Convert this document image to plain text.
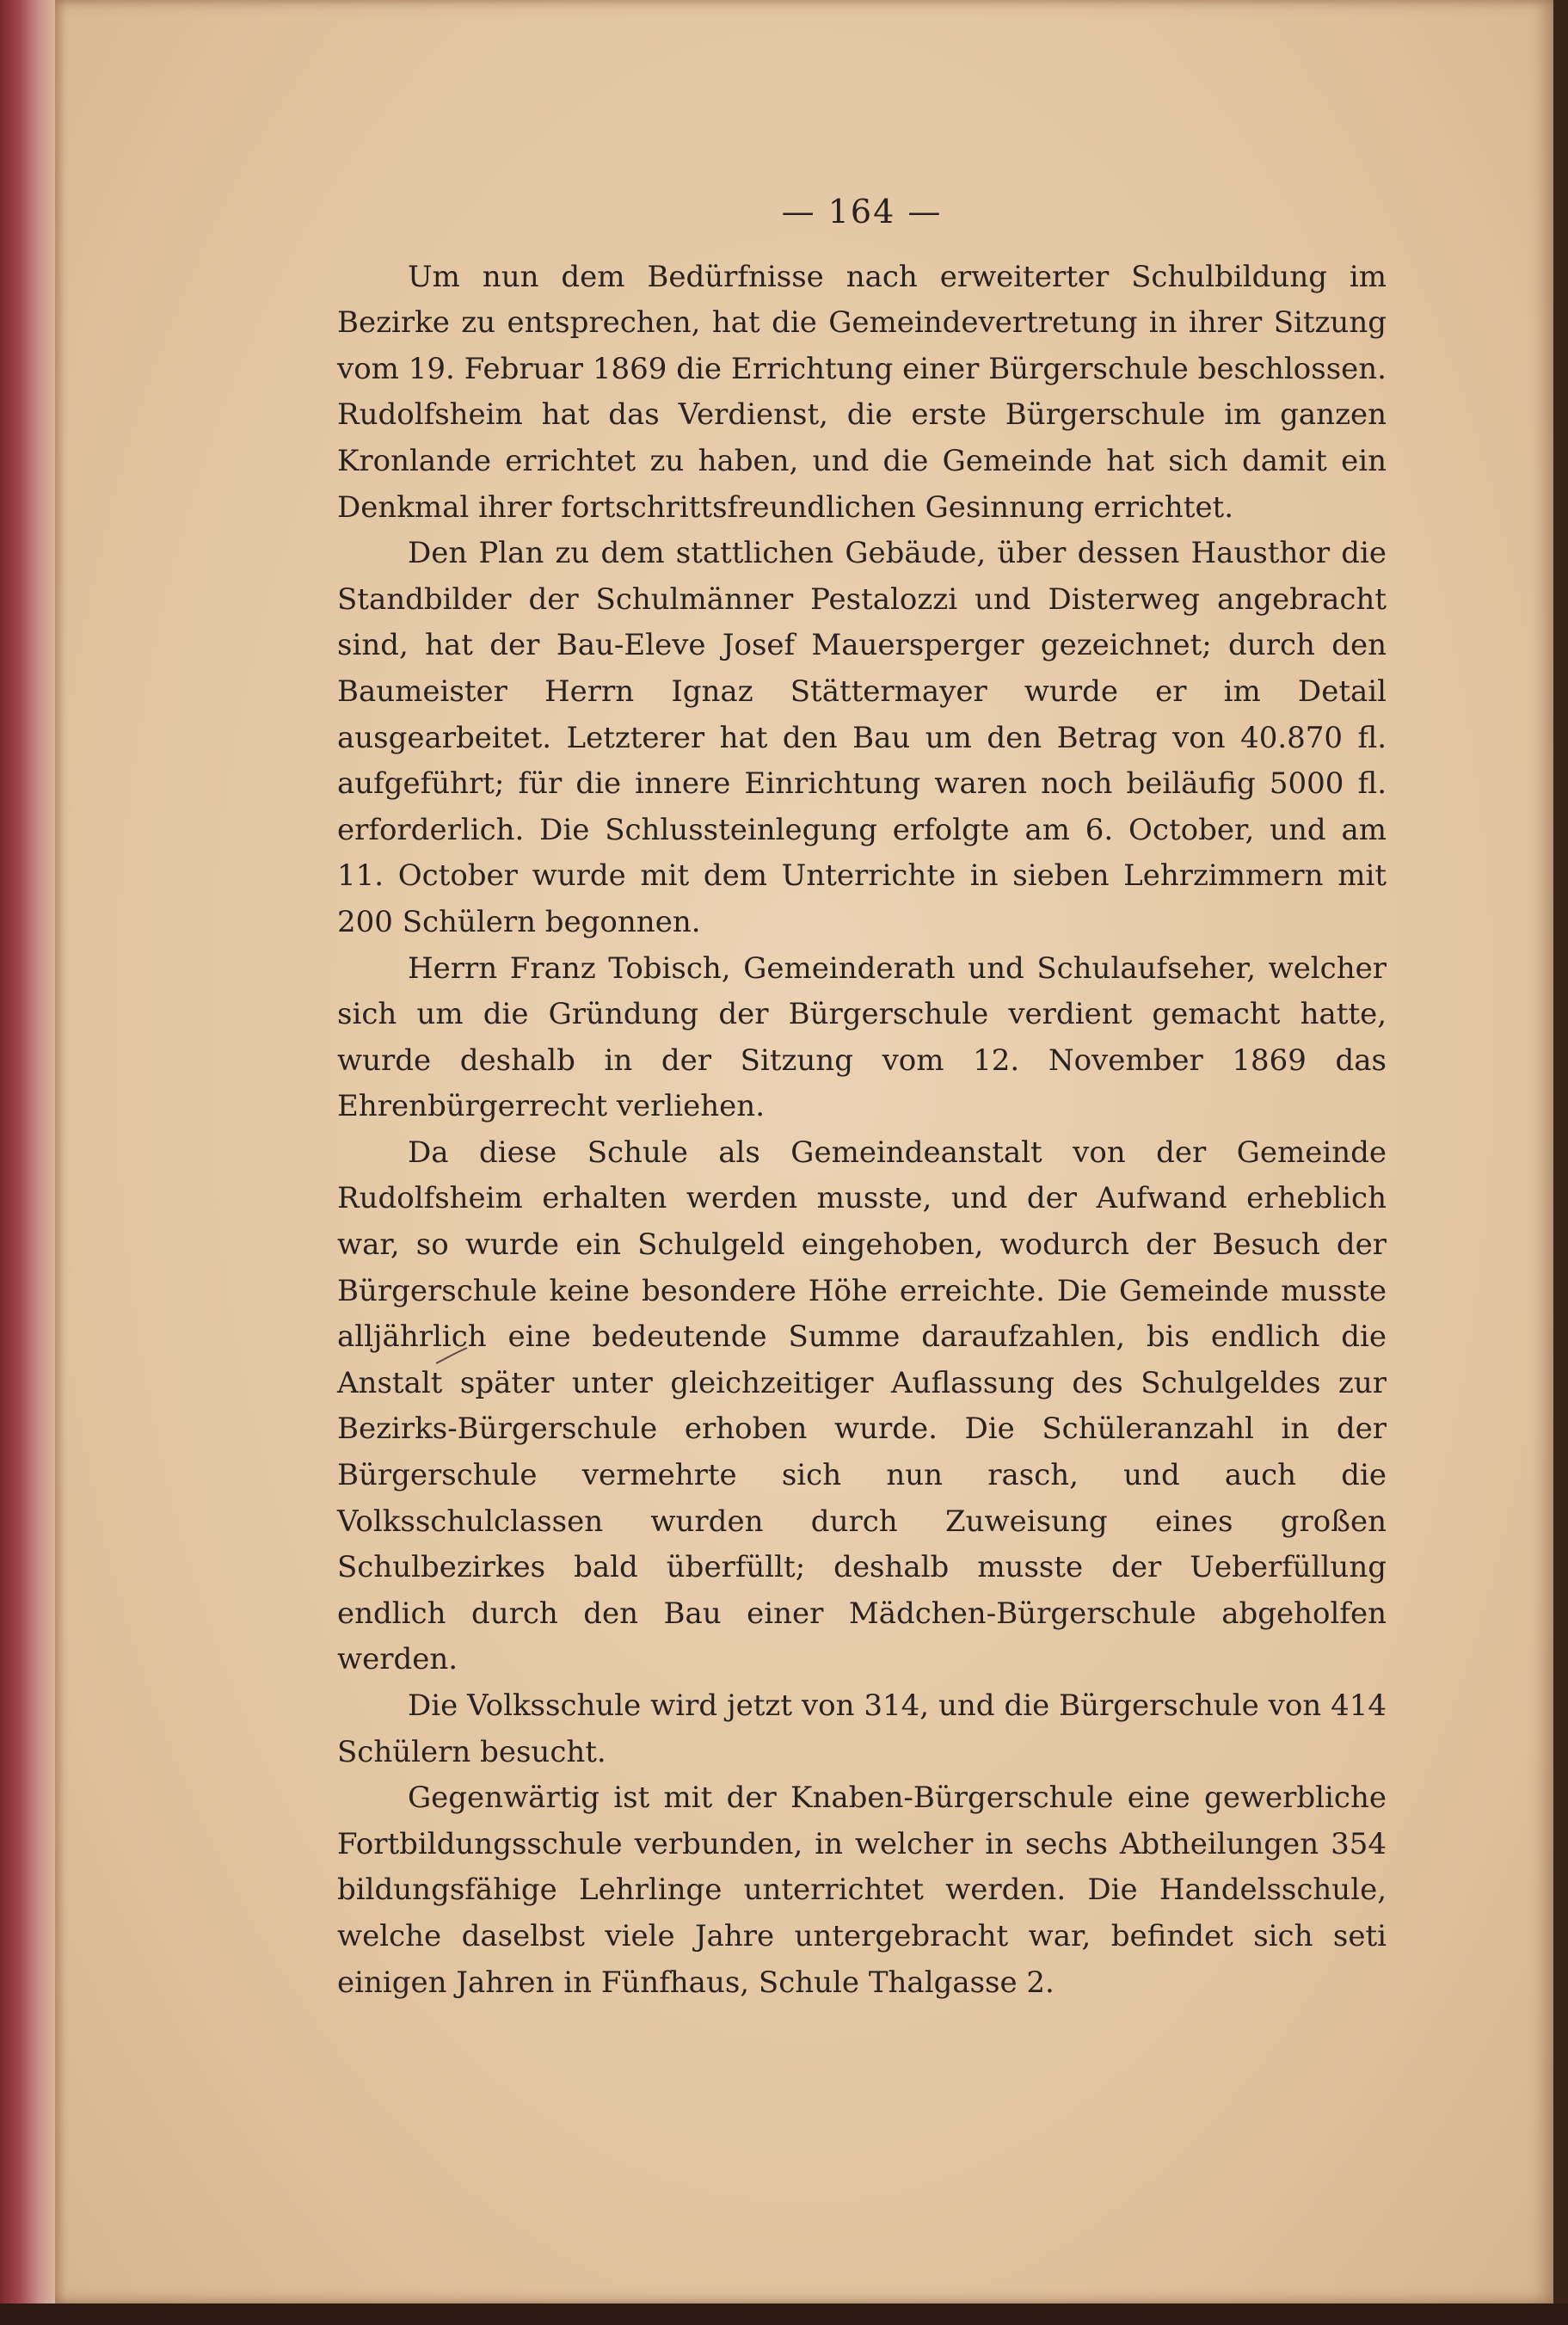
— 164 —

Um nun dem Bedürfnisse nach erweiterter Schulbildung im Bezirke zu entsprechen, hat die Gemeindevertretung in ihrer Sitzung vom 19. Februar 1869 die Errichtung einer Bürgerschule beschlossen. Rudolfsheim hat das Verdienst, die erste Bürgerschule im ganzen Kronlande errichtet zu haben, und die Gemeinde hat sich damit ein Denkmal ihrer fortschrittsfreundlichen Gesinnung errichtet.

Den Plan zu dem stattlichen Gebäude, über dessen Hausthor die Standbilder der Schulmänner Pestalozzi und Disterweg angebracht sind, hat der Bau-Eleve Josef Mauersperger gezeichnet; durch den Baumeister Herrn Ignaz Stättermayer wurde er im Detail ausgearbeitet. Letzterer hat den Bau um den Betrag von 40.870 fl. aufgeführt; für die innere Einrichtung waren noch beiläufig 5000 fl. erforderlich. Die Schlussteinlegung erfolgte am 6. October, und am 11. October wurde mit dem Unterrichte in sieben Lehrzimmern mit 200 Schülern begonnen.

Herrn Franz Tobisch, Gemeinderath und Schulaufseher, welcher sich um die Gründung der Bürgerschule verdient gemacht hatte, wurde deshalb in der Sitzung vom 12. November 1869 das Ehrenbürgerrecht verliehen.

Da diese Schule als Gemeindeanstalt von der Gemeinde Rudolfsheim erhalten werden musste, und der Aufwand erheblich war, so wurde ein Schulgeld eingehoben, wodurch der Besuch der Bürgerschule keine besondere Höhe erreichte. Die Gemeinde musste alljährlich eine bedeutende Summe daraufzahlen, bis endlich die Anstalt später unter gleichzeitiger Auflassung des Schulgeldes zur Bezirks-Bürgerschule erhoben wurde. Die Schüleranzahl in der Bürgerschule vermehrte sich nun rasch, und auch die Volksschulclassen wurden durch Zuweisung eines großen Schulbezirkes bald überfüllt; deshalb musste der Ueberfüllung endlich durch den Bau einer Mädchen-Bürgerschule abgeholfen werden.

Die Volksschule wird jetzt von 314, und die Bürgerschule von 414 Schülern besucht.

Gegenwärtig ist mit der Knaben-Bürgerschule eine gewerbliche Fortbildungsschule verbunden, in welcher in sechs Abtheilungen 354 bildungsfähige Lehrlinge unterrichtet werden. Die Handelsschule, welche daselbst viele Jahre untergebracht war, befindet sich seti einigen Jahren in Fünfhaus, Schule Thalgasse 2.
